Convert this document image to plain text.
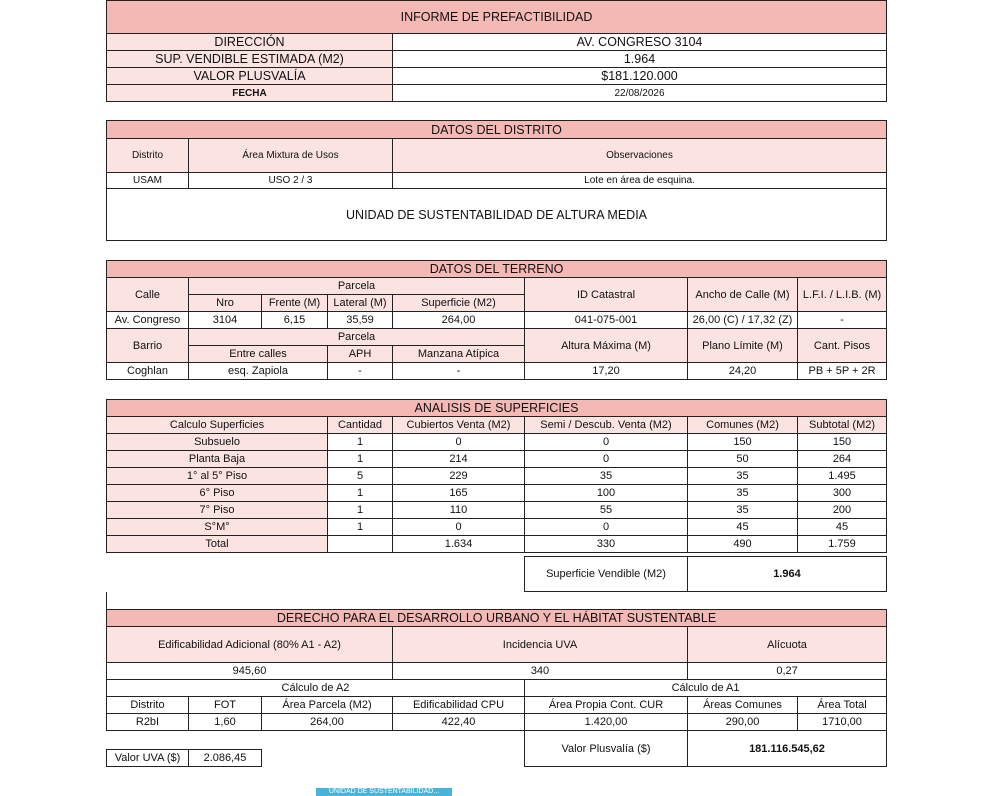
INFORME DE PREFACTIBILIDAD	
DIRECCIÓN	AV. CONGRESO 3104
SUP. VENDIBLE ESTIMADA (M2)	1.964
VALOR PLUSVALÍA	$181.120.000
FECHA	22/08/2026
DATOS DEL DISTRITO		
Distrito	Área Mixtura de Usos	Observaciones
USAM	USO 2 / 3	Lote en área de esquina.
UNIDAD DE SUSTENTABILIDAD DE ALTURA MEDIA		
DATOS DEL TERRENO							
Calle	Parcela				ID Catastral	Ancho de Calle (M)	L.F.I. / L.I.B. (M)
	Nro	Frente (M)	Lateral (M)	Superficie (M2)			
Av. Congreso	3104	6,15	35,59	264,00	041-075-001	26,00 (C) / 17,32 (Z)	-
Barrio	Parcela				Altura Máxima (M)	Plano Límite (M)	Cant. Pisos
	Entre calles		APH	Manzana Atípica			
Coghlan	esq. Zapiola		-	-	17,20	24,20	PB + 5P + 2R
ANALISIS DE SUPERFICIES					
Calculo Superficies	Cantidad	Cubiertos Venta (M2)	Semi / Descub. Venta (M2)	Comunes (M2)	Subtotal (M2)
Subsuelo	1	0	0	150	150
Planta Baja	1	214	0	50	264
1° al 5° Piso	5	229	35	35	1.495
6° Piso	1	165	100	35	300
7° Piso	1	110	55	35	200
S°M°	1	0	0	45	45
Total		1.634	330	490	1.759
Superficie Vendible (M2)	1.964
DERECHO PARA EL DESARROLLO URBANO Y EL HÁBITAT SUSTENTABLE						
Edificabilidad Adicional (80% A1 - A2)			Incidencia UVA		Alícuota	
945,60			340		0,27	
Cálculo de A2				Cálculo de A1		
Distrito	FOT	Área Parcela (M2)	Edificabilidad CPU	Área Propia Cont. CUR	Áreas Comunes	Área Total
R2bI	1,60	264,00	422,40	1.420,00	290,00	1710,00
Valor Plusvalía ($)	181.116.545,62
Valor UVA ($)	2.086,45
UNIDAD DE SUSTENTABILIDAD...
